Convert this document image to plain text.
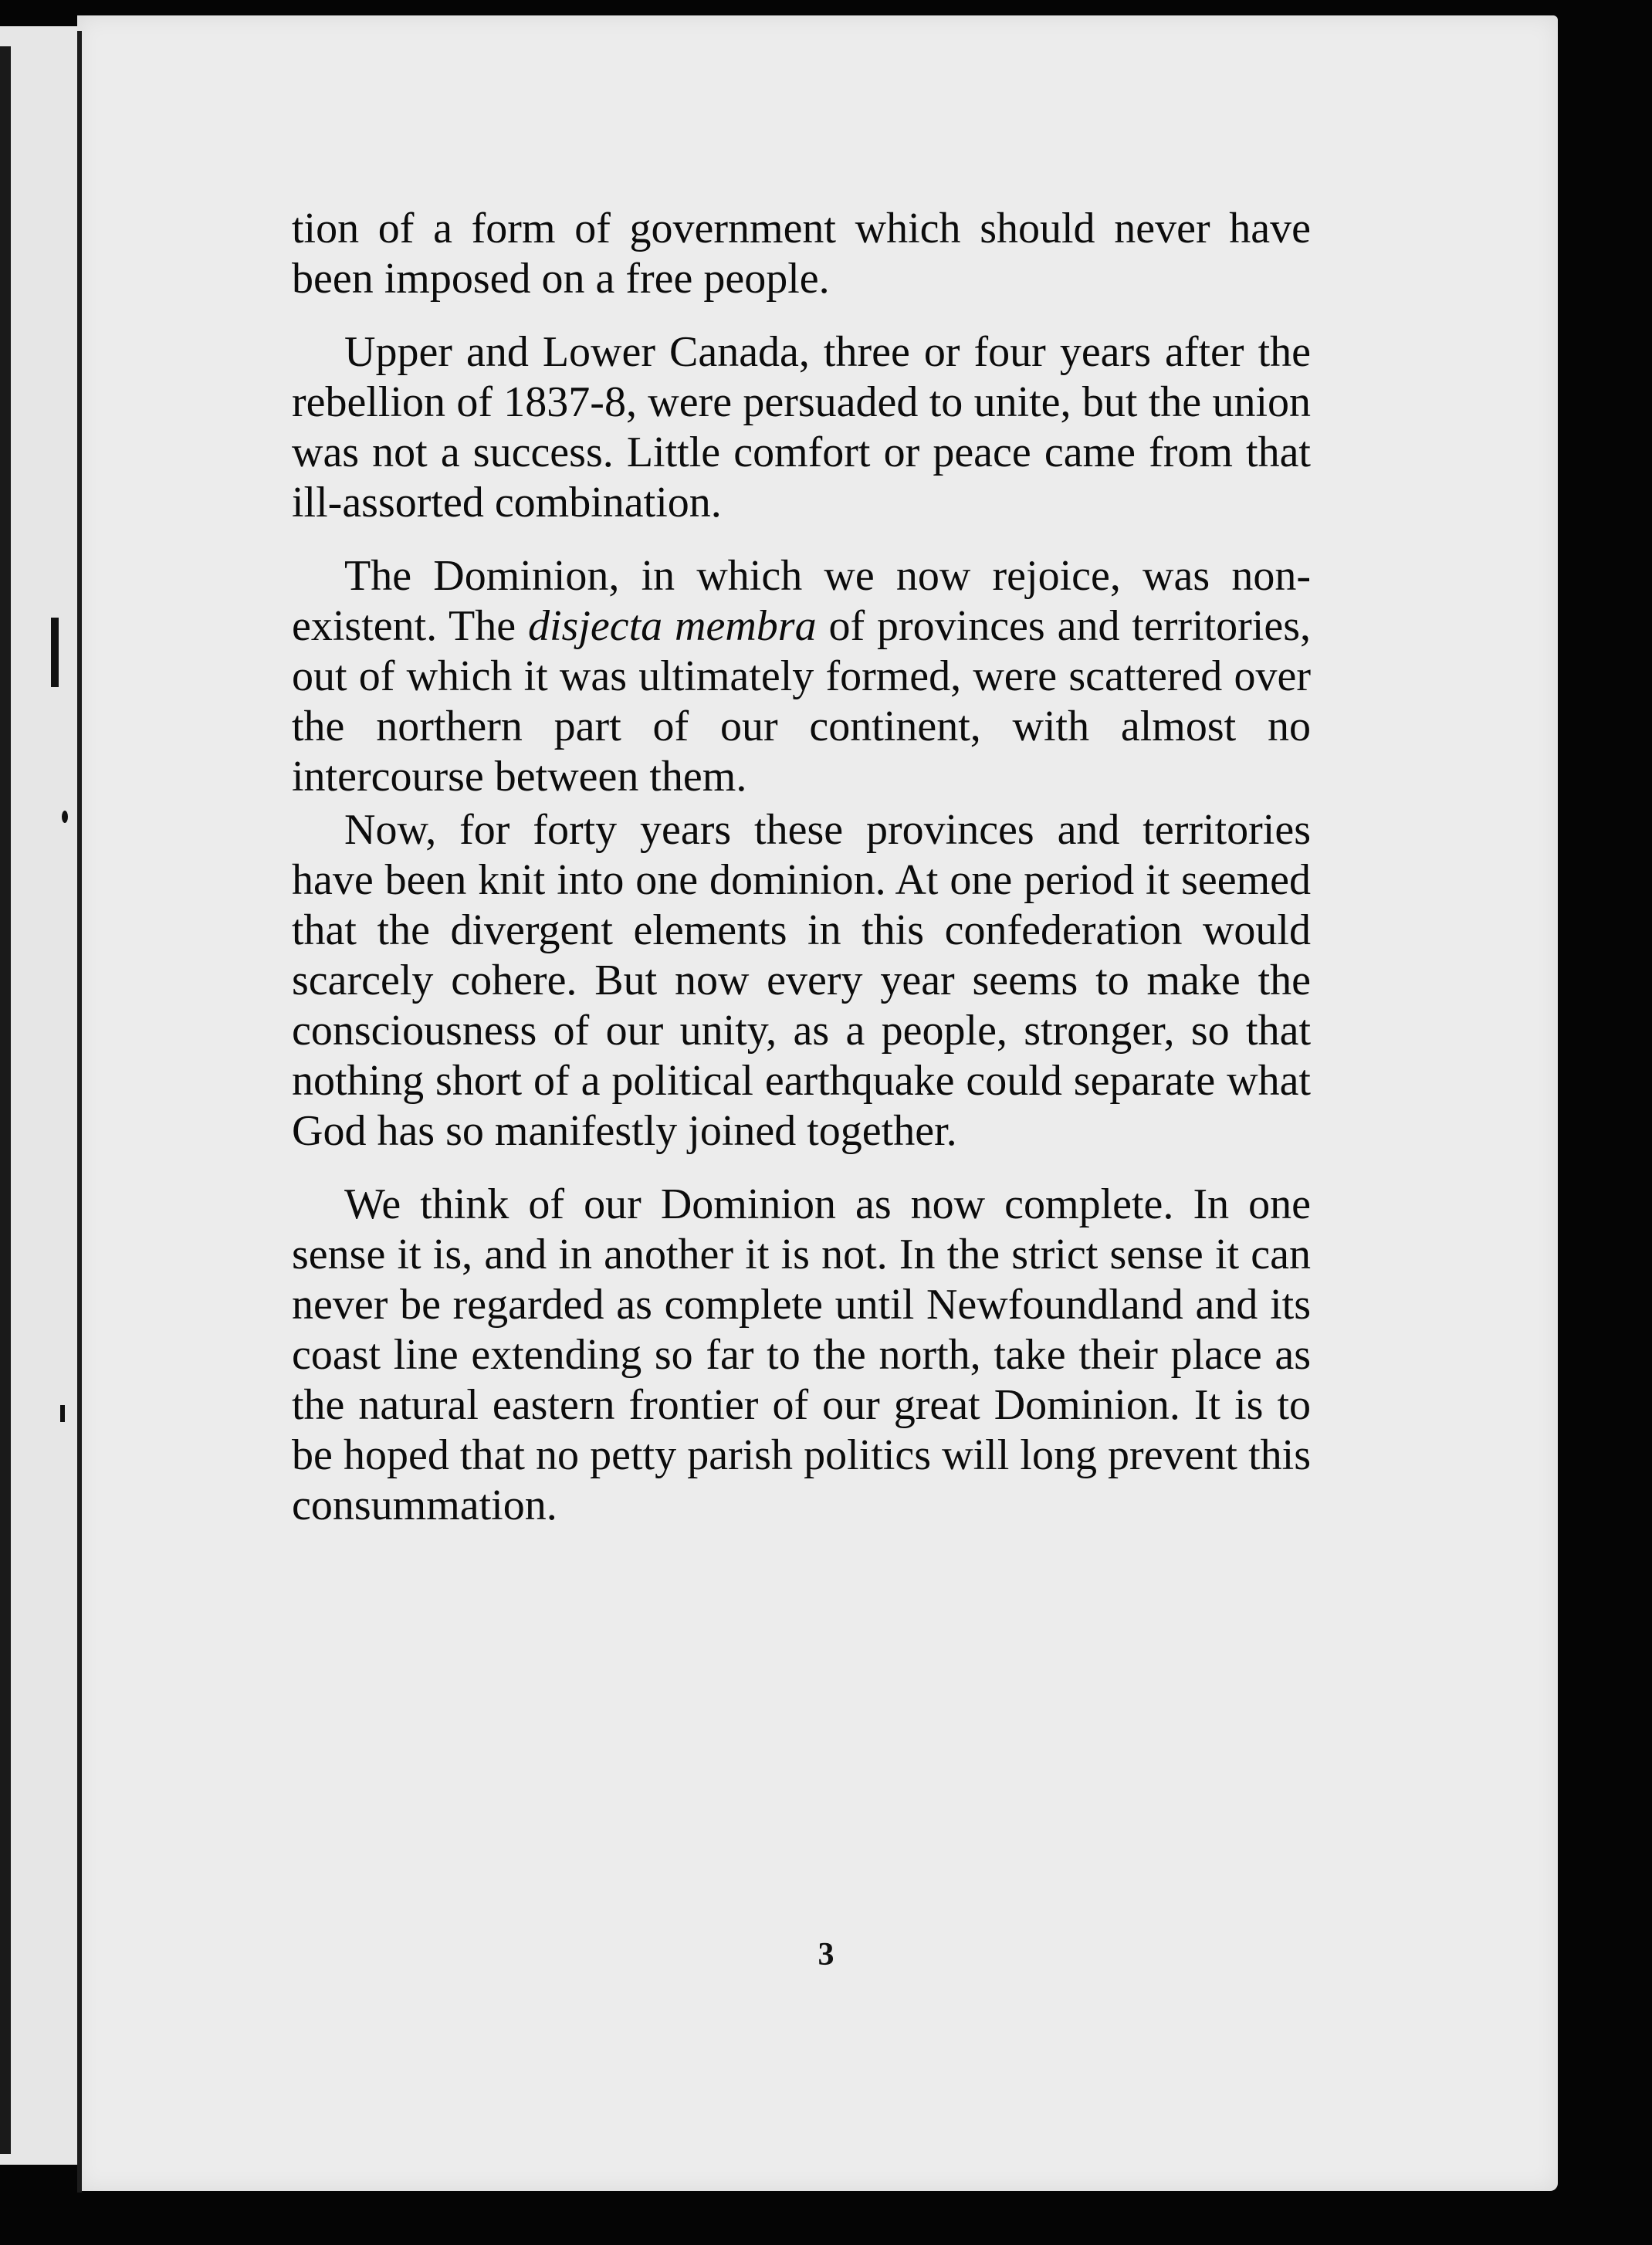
tion of a form of government which should never have been imposed on a free people.

Upper and Lower Canada, three or four years after the rebellion of 1837-8, were persuaded to unite, but the union was not a success. Little comfort or peace came from that ill-assorted combination.

The Dominion, in which we now rejoice, was non-existent. The disjecta membra of provinces and territories, out of which it was ultimately formed, were scattered over the northern part of our continent, with almost no intercourse between them.

Now, for forty years these provinces and territories have been knit into one dominion. At one period it seemed that the divergent elements in this confederation would scarcely cohere. But now every year seems to make the consciousness of our unity, as a people, stronger, so that nothing short of a political earthquake could separate what God has so manifestly joined together.

We think of our Dominion as now complete. In one sense it is, and in another it is not. In the strict sense it can never be regarded as complete until Newfoundland and its coast line extending so far to the north, take their place as the natural eastern frontier of our great Dominion. It is to be hoped that no petty parish politics will long prevent this consummation.

3
